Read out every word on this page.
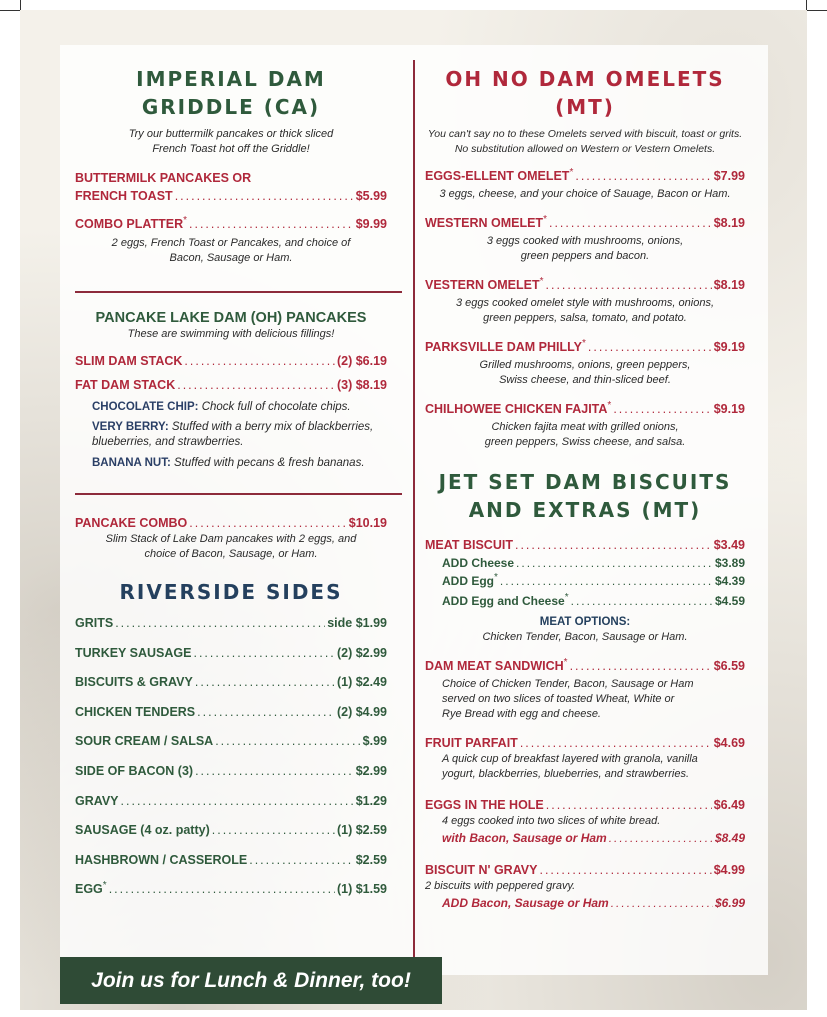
IMPERIAL DAM
GRIDDLE (CA)
Try our buttermilk pancakes or thick sliced
French Toast hot off the Griddle!
BUTTERMILK PANCAKES OR
FRENCH TOAST .....	$5.99
COMBO PLATTER* .....	$9.99
2 eggs, French Toast or Pancakes, and choice of
Bacon, Sausage or Ham.
PANCAKE LAKE DAM (OH) PANCAKES
These are swimming with delicious fillings!
SLIM DAM STACK .....	(2) $6.19
FAT DAM STACK .....	(3) $8.19
CHOCOLATE CHIP: Chock full of chocolate chips.
VERY BERRY: Stuffed with a berry mix of blackberries,
blueberries, and strawberries.
BANANA NUT: Stuffed with pecans & fresh bananas.
PANCAKE COMBO .....	$10.19
Slim Stack of Lake Dam pancakes with 2 eggs, and
choice of Bacon, Sausage, or Ham.
RIVERSIDE SIDES
GRITS .....	side $1.99
TURKEY SAUSAGE .....	(2) $2.99
BISCUITS & GRAVY .....	(1) $2.49
CHICKEN TENDERS .....	(2) $4.99
SOUR CREAM / SALSA .....	$.99
SIDE OF BACON (3) .....	$2.99
GRAVY .....	$1.29
SAUSAGE (4 oz. patty) .....	(1) $2.59
HASHBROWN / CASSEROLE .....	$2.59
EGG* .....	(1) $1.59
Join us for Lunch & Dinner, too!
OH NO DAM OMELETS
(MT)
You can't say no to these Omelets served with biscuit, toast or grits.
No substitution allowed on Western or Vestern Omelets.
EGGS-ELLENT OMELET* .....	$7.99
3 eggs, cheese, and your choice of Sauage, Bacon or Ham.
WESTERN OMELET* .....	$8.19
3 eggs cooked with mushrooms, onions,
green peppers and bacon.
VESTERN OMELET* .....	$8.19
3 eggs cooked omelet style with mushrooms, onions,
green peppers, salsa, tomato, and potato.
PARKSVILLE DAM PHILLY* .....	$9.19
Grilled mushrooms, onions, green peppers,
Swiss cheese, and thin-sliced beef.
CHILHOWEE CHICKEN FAJITA* .....	$9.19
Chicken fajita meat with grilled onions,
green peppers, Swiss cheese, and salsa.
JET SET DAM BISCUITS
AND EXTRAS (MT)
MEAT BISCUIT .....	$3.49
ADD Cheese .....	$3.89
ADD Egg* .....	$4.39
ADD Egg and Cheese* .....	$4.59
MEAT OPTIONS:
Chicken Tender, Bacon, Sausage or Ham.
DAM MEAT SANDWICH* .....	$6.59
Choice of Chicken Tender, Bacon, Sausage or Ham
served on two slices of toasted Wheat, White or
Rye Bread with egg and cheese.
FRUIT PARFAIT .....	$4.69
A quick cup of breakfast layered with granola, vanilla
yogurt, blackberries, blueberries, and strawberries.
EGGS IN THE HOLE .....	$6.49
4 eggs cooked into two slices of white bread.
with Bacon, Sausage or Ham .....	$8.49
BISCUIT N' GRAVY .....	$4.99
2 biscuits with peppered gravy.
ADD Bacon, Sausage or Ham .....	$6.99
